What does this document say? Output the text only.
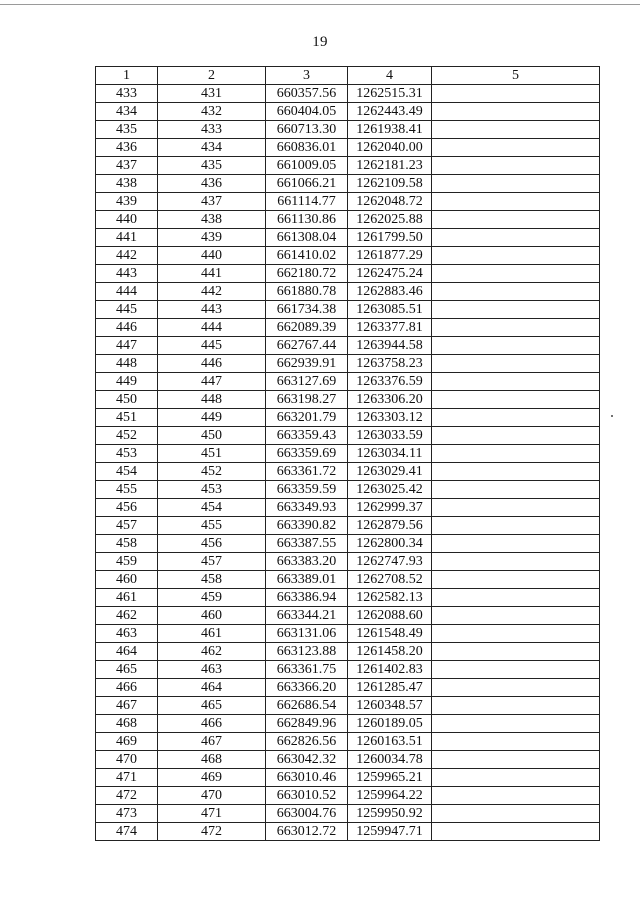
19
1	2	3	4	5
433	431	660357.56	1262515.31	
434	432	660404.05	1262443.49	
435	433	660713.30	1261938.41	
436	434	660836.01	1262040.00	
437	435	661009.05	1262181.23	
438	436	661066.21	1262109.58	
439	437	661114.77	1262048.72	
440	438	661130.86	1262025.88	
441	439	661308.04	1261799.50	
442	440	661410.02	1261877.29	
443	441	662180.72	1262475.24	
444	442	661880.78	1262883.46	
445	443	661734.38	1263085.51	
446	444	662089.39	1263377.81	
447	445	662767.44	1263944.58	
448	446	662939.91	1263758.23	
449	447	663127.69	1263376.59	
450	448	663198.27	1263306.20	
451	449	663201.79	1263303.12	
452	450	663359.43	1263033.59	
453	451	663359.69	1263034.11	
454	452	663361.72	1263029.41	
455	453	663359.59	1263025.42	
456	454	663349.93	1262999.37	
457	455	663390.82	1262879.56	
458	456	663387.55	1262800.34	
459	457	663383.20	1262747.93	
460	458	663389.01	1262708.52	
461	459	663386.94	1262582.13	
462	460	663344.21	1262088.60	
463	461	663131.06	1261548.49	
464	462	663123.88	1261458.20	
465	463	663361.75	1261402.83	
466	464	663366.20	1261285.47	
467	465	662686.54	1260348.57	
468	466	662849.96	1260189.05	
469	467	662826.56	1260163.51	
470	468	663042.32	1260034.78	
471	469	663010.46	1259965.21	
472	470	663010.52	1259964.22	
473	471	663004.76	1259950.92	
474	472	663012.72	1259947.71	
